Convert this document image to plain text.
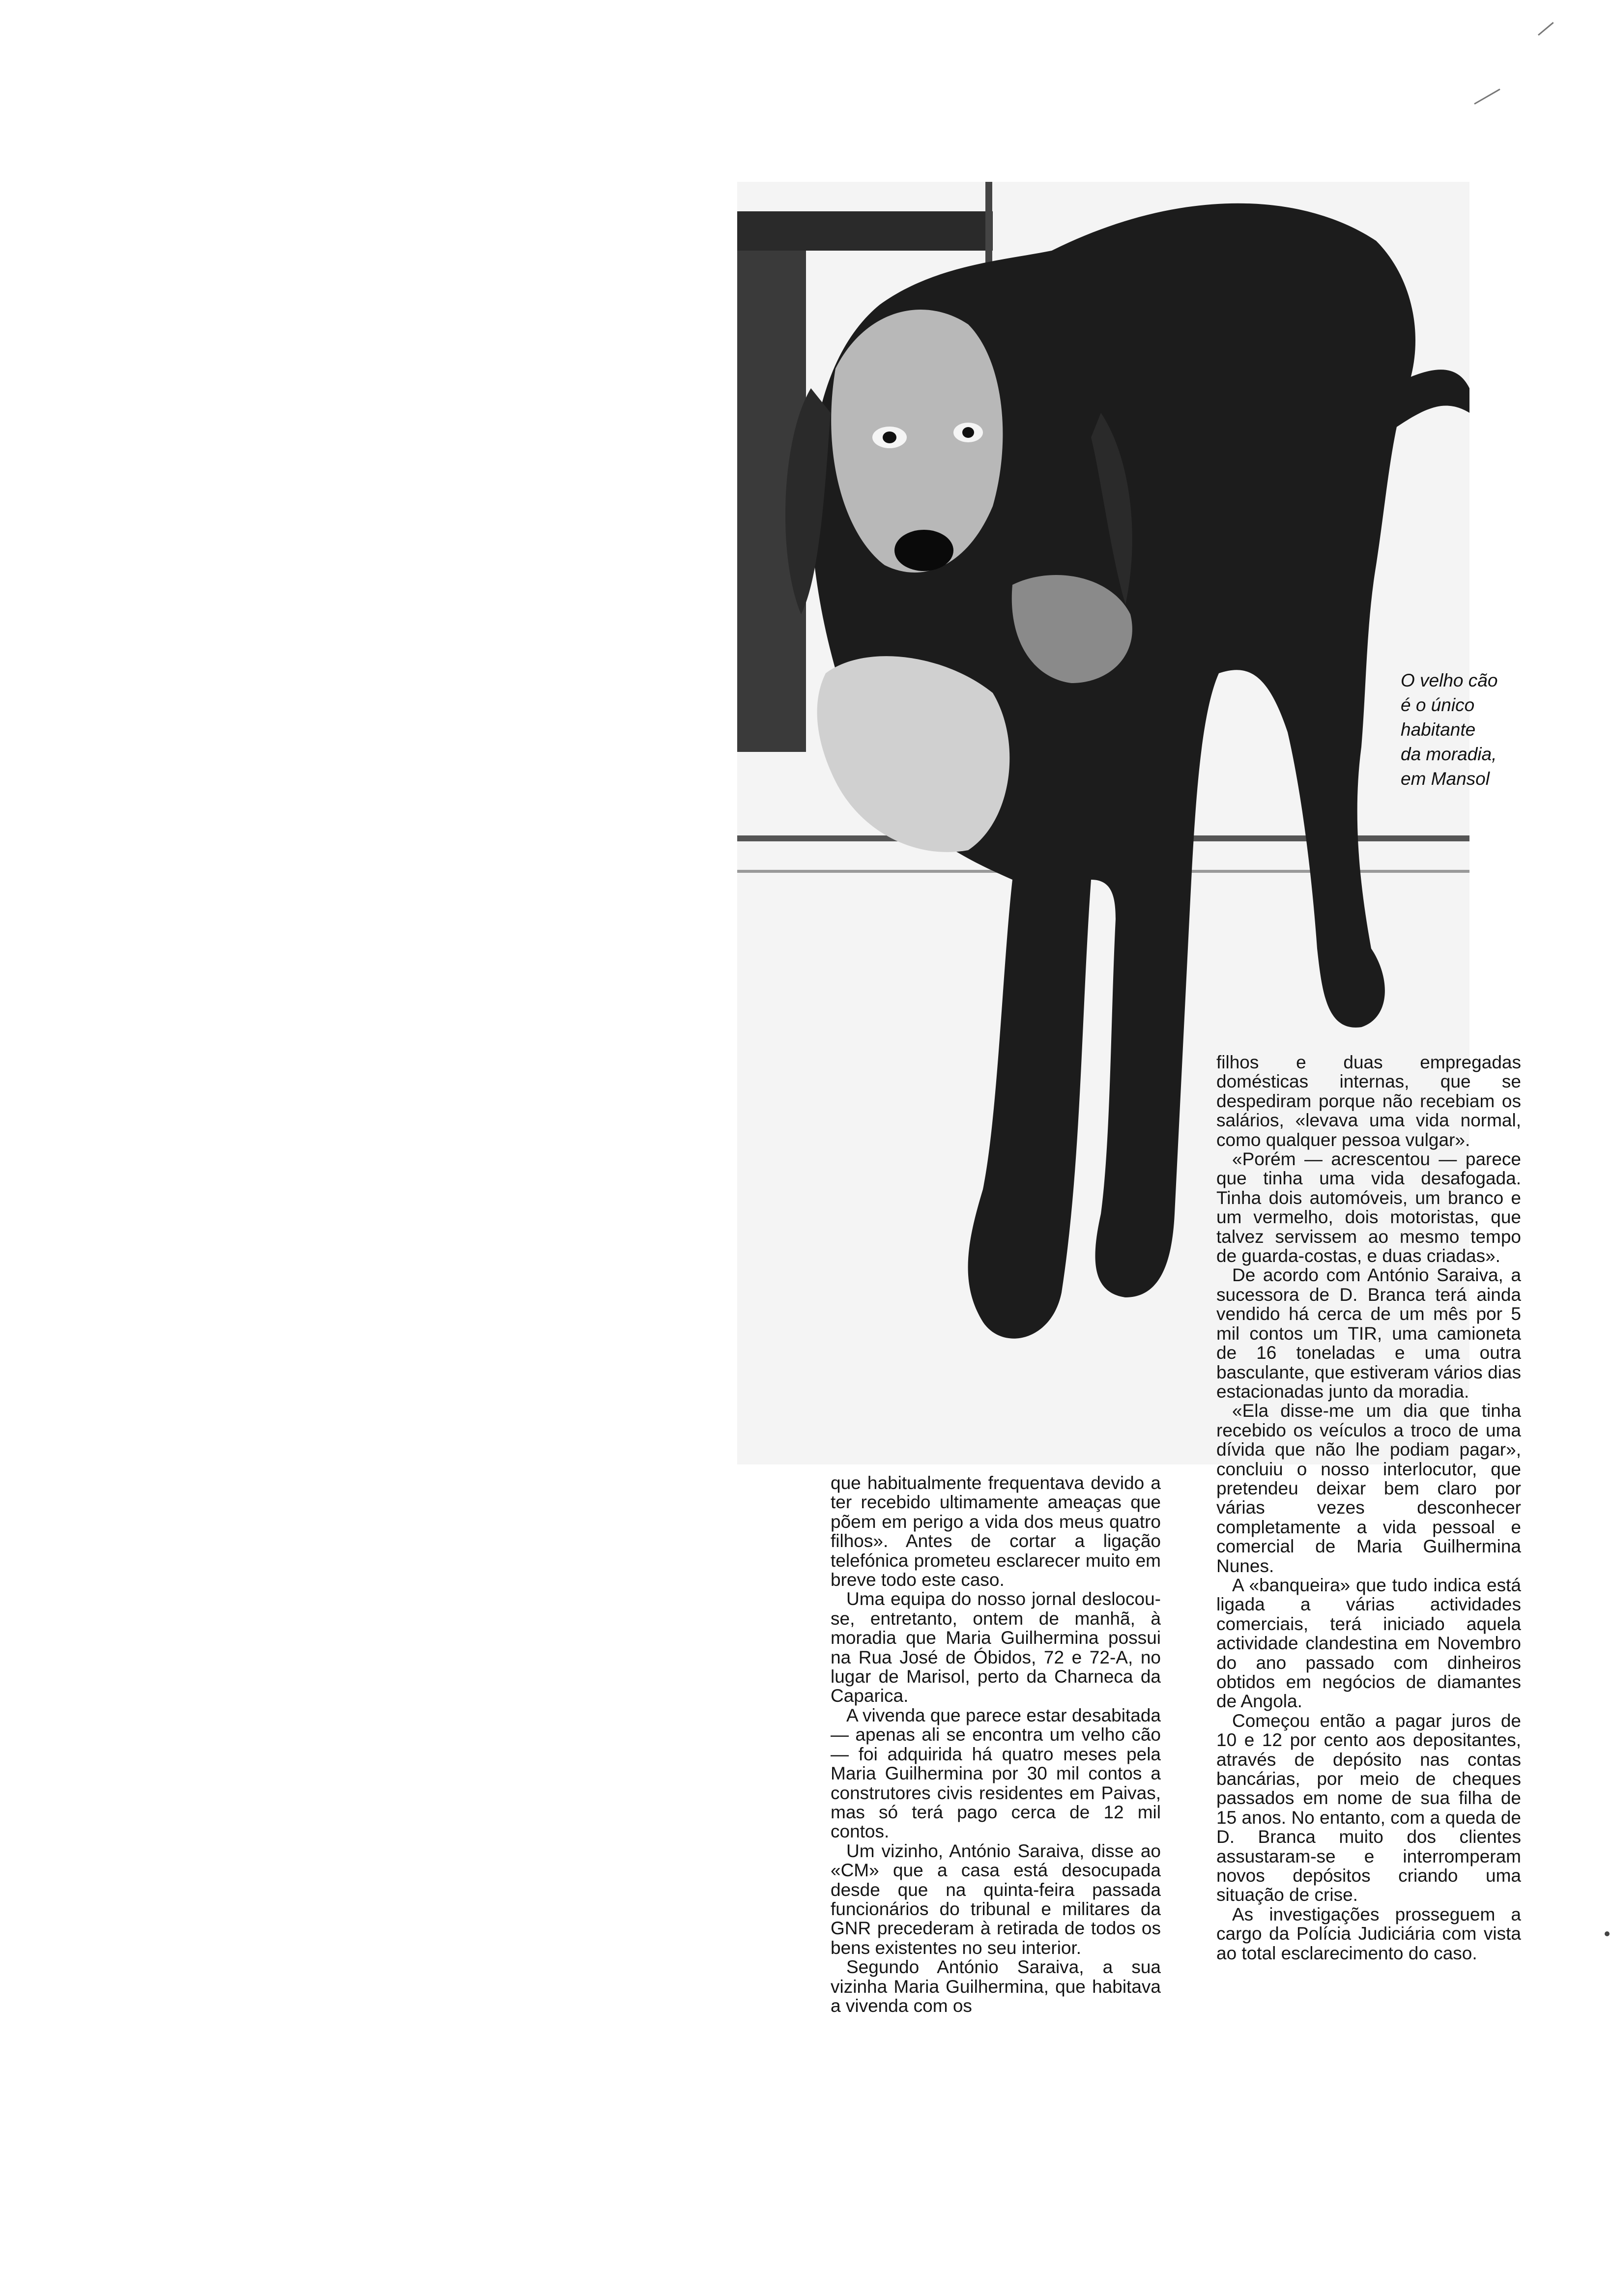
O velho cão
é o único
habitante
da moradia,
em Mansol

que habitualmente frequentava devido a ter recebido ultimamente ameaças que põem em perigo a vida dos meus quatro filhos». Antes de cortar a ligação telefónica prometeu esclarecer muito em breve todo este caso.

Uma equipa do nosso jornal deslocou-se, entretanto, ontem de manhã, à moradia que Maria Guilhermina possui na Rua José de Óbidos, 72 e 72-A, no lugar de Marisol, perto da Charneca da Caparica.

A vivenda que parece estar desabitada — apenas ali se encontra um velho cão — foi adquirida há quatro meses pela Maria Guilhermina por 30 mil contos a construtores civis residentes em Paivas, mas só terá pago cerca de 12 mil contos.

Um vizinho, António Saraiva, disse ao «CM» que a casa está desocupada desde que na quinta-feira passada funcionários do tribunal e militares da GNR precederam à retirada de todos os bens existentes no seu interior.

Segundo António Saraiva, a sua vizinha Maria Guilhermina, que habitava a vivenda com os

filhos e duas empregadas domésticas internas, que se despediram porque não recebiam os salários, «levava uma vida normal, como qualquer pessoa vulgar».

«Porém — acrescentou — parece que tinha uma vida desafogada. Tinha dois automóveis, um branco e um vermelho, dois motoristas, que talvez servissem ao mesmo tempo de guarda-costas, e duas criadas».

De acordo com António Saraiva, a sucessora de D. Branca terá ainda vendido há cerca de um mês por 5 mil contos um TIR, uma camioneta de 16 toneladas e uma outra basculante, que estiveram vários dias estacionadas junto da moradia.

«Ela disse-me um dia que tinha recebido os veículos a troco de uma dívida que não lhe podiam pagar», concluiu o nosso interlocutor, que pretendeu deixar bem claro por várias vezes desconhecer completamente a vida pessoal e comercial de Maria Guilhermina Nunes.

A «banqueira» que tudo indica está ligada a várias actividades comerciais, terá iniciado aquela actividade clandestina em Novembro do ano passado com dinheiros obtidos em negócios de diamantes de Angola.

Começou então a pagar juros de 10 e 12 por cento aos depositantes, através de depósito nas contas bancárias, por meio de cheques passados em nome de sua filha de 15 anos. No entanto, com a queda de D. Branca muito dos clientes assustaram-se e interromperam novos depósitos criando uma situação de crise.

As investigações prosseguem a cargo da Polícia Judiciária com vista ao total esclarecimento do caso.
